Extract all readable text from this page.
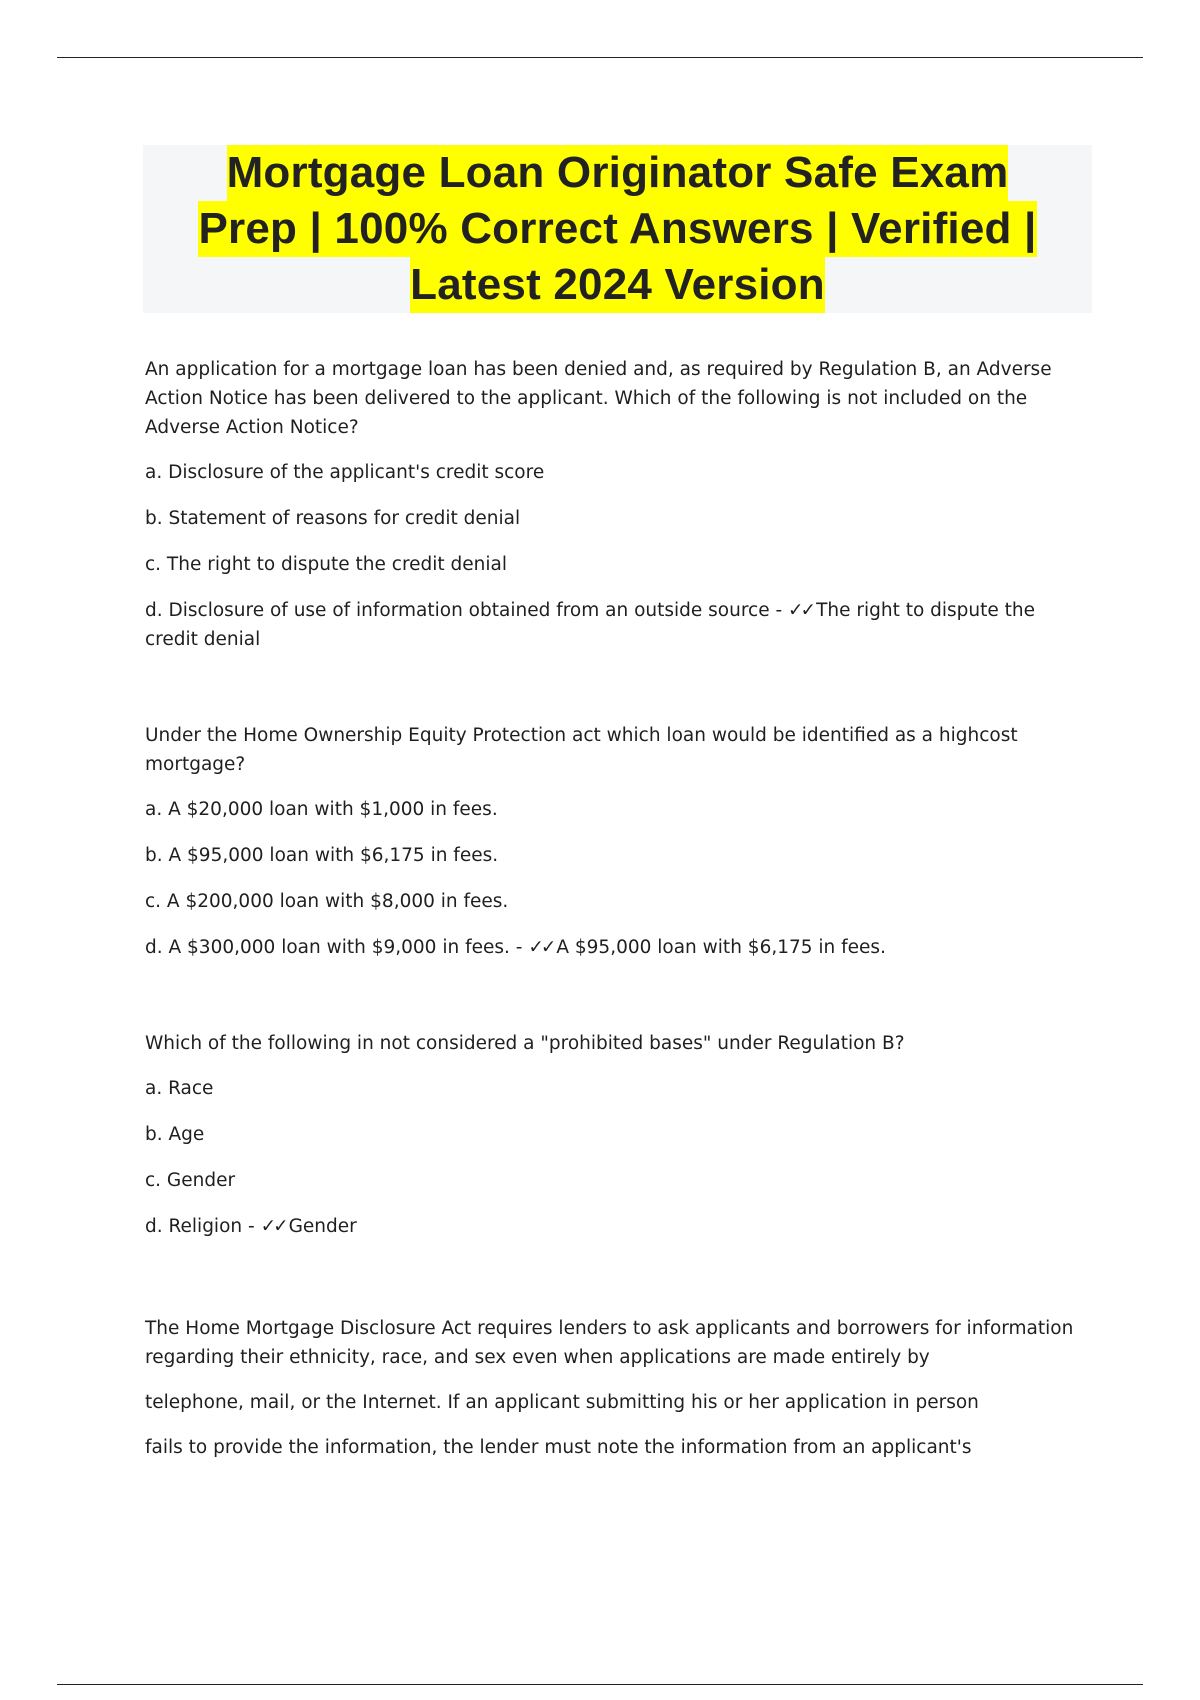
Mortgage Loan Originator Safe Exam
Prep | 100% Correct Answers | Verified |
Latest 2024 Version

An application for a mortgage loan has been denied and, as required by Regulation B, an Adverse Action Notice has been delivered to the applicant. Which of the following is not included on the Adverse Action Notice?

a. Disclosure of the applicant's credit score

b. Statement of reasons for credit denial

c. The right to dispute the credit denial

d. Disclosure of use of information obtained from an outside source - ✓✓ The right to dispute the credit denial

Under the Home Ownership Equity Protection act which loan would be identified as a highcost mortgage?

a. A $20,000 loan with $1,000 in fees.

b. A $95,000 loan with $6,175 in fees.

c. A $200,000 loan with $8,000 in fees.

d. A $300,000 loan with $9,000 in fees. - ✓✓ A $95,000 loan with $6,175 in fees.

Which of the following in not considered a "prohibited bases" under Regulation B?

a. Race

b. Age

c. Gender

d. Religion - ✓✓ Gender

The Home Mortgage Disclosure Act requires lenders to ask applicants and borrowers for information

regarding their ethnicity, race, and sex even when applications are made entirely by

telephone, mail, or the Internet. If an applicant submitting his or her application in person

fails to provide the information, the lender must note the information from an applicant's
